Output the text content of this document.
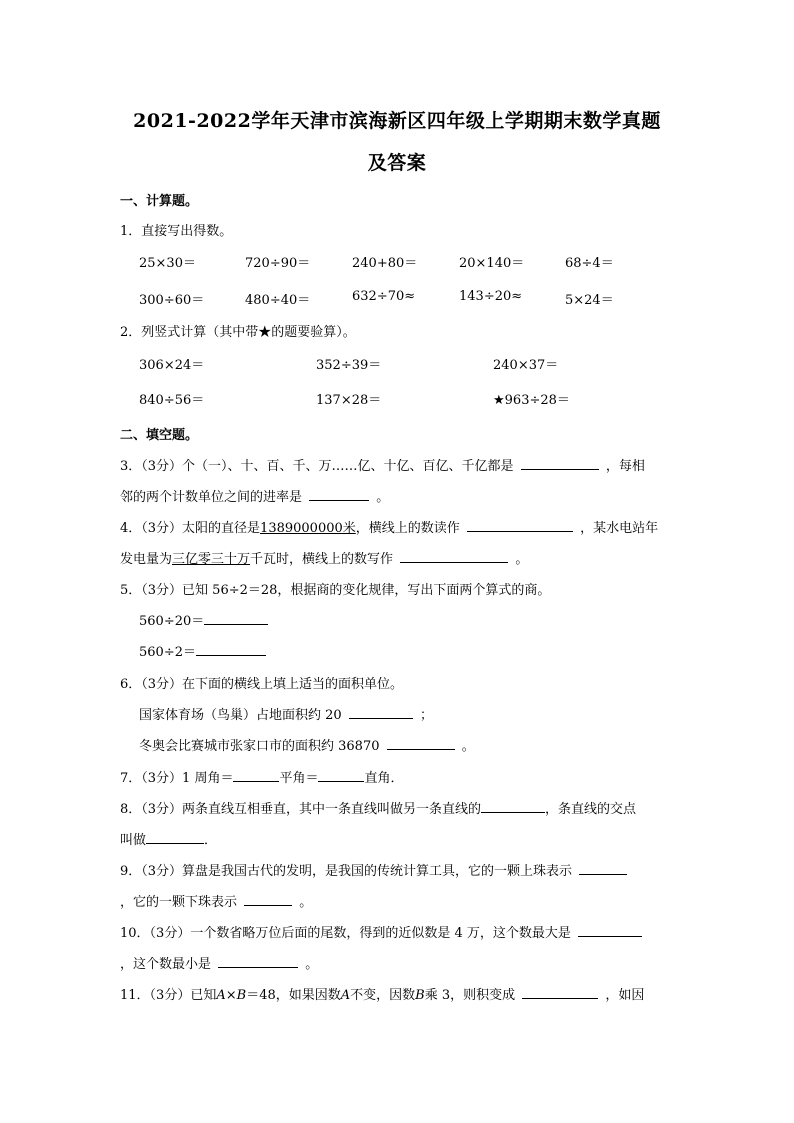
2021-2022学年天津市滨海新区四年级上学期期末数学真题
及答案
一、计算题。
1．直接写出得数。
25×30＝	720÷90＝	240+80＝	20×140＝	68÷4＝
300÷60＝	480÷40＝	632÷70≈	143÷20≈	5×24＝
2．列竖式计算（其中带★的题要验算）。
306×24＝	352÷39＝	240×37＝
840÷56＝	137×28＝	★963÷28＝
二、填空题。
3．（3分）个（一）、十、百、千、万……亿、十亿、百亿、千亿都是	，每相
邻的两个计数单位之间的进率是	。
4．（3分）太阳的直径是1389000000米，横线上的数读作	，某水电站年
发电量为三亿零三十万千瓦时，横线上的数写作	。
5．（3分）已知 56÷2＝28，根据商的变化规律，写出下面两个算式的商。
560÷20＝
560÷2＝
6．（3分）在下面的横线上填上适当的面积单位。
国家体育场（鸟巢）占地面积约 20	；
冬奥会比赛城市张家口市的面积约 36870	。
7．（3分）1 周角＝	平角＝	直角．
8．（3分）两条直线互相垂直，其中一条直线叫做另一条直线的	，条直线的交点
叫做	．
9．（3分）算盘是我国古代的发明，是我国的传统计算工具，它的一颗上珠表示
，它的一颗下珠表示	。
10．（3分）一个数省略万位后面的尾数，得到的近似数是 4 万，这个数最大是
，这个数最小是	。
11．（3分）已知A×B＝48，如果因数A不变，因数B乘 3，则积变成	，如因
